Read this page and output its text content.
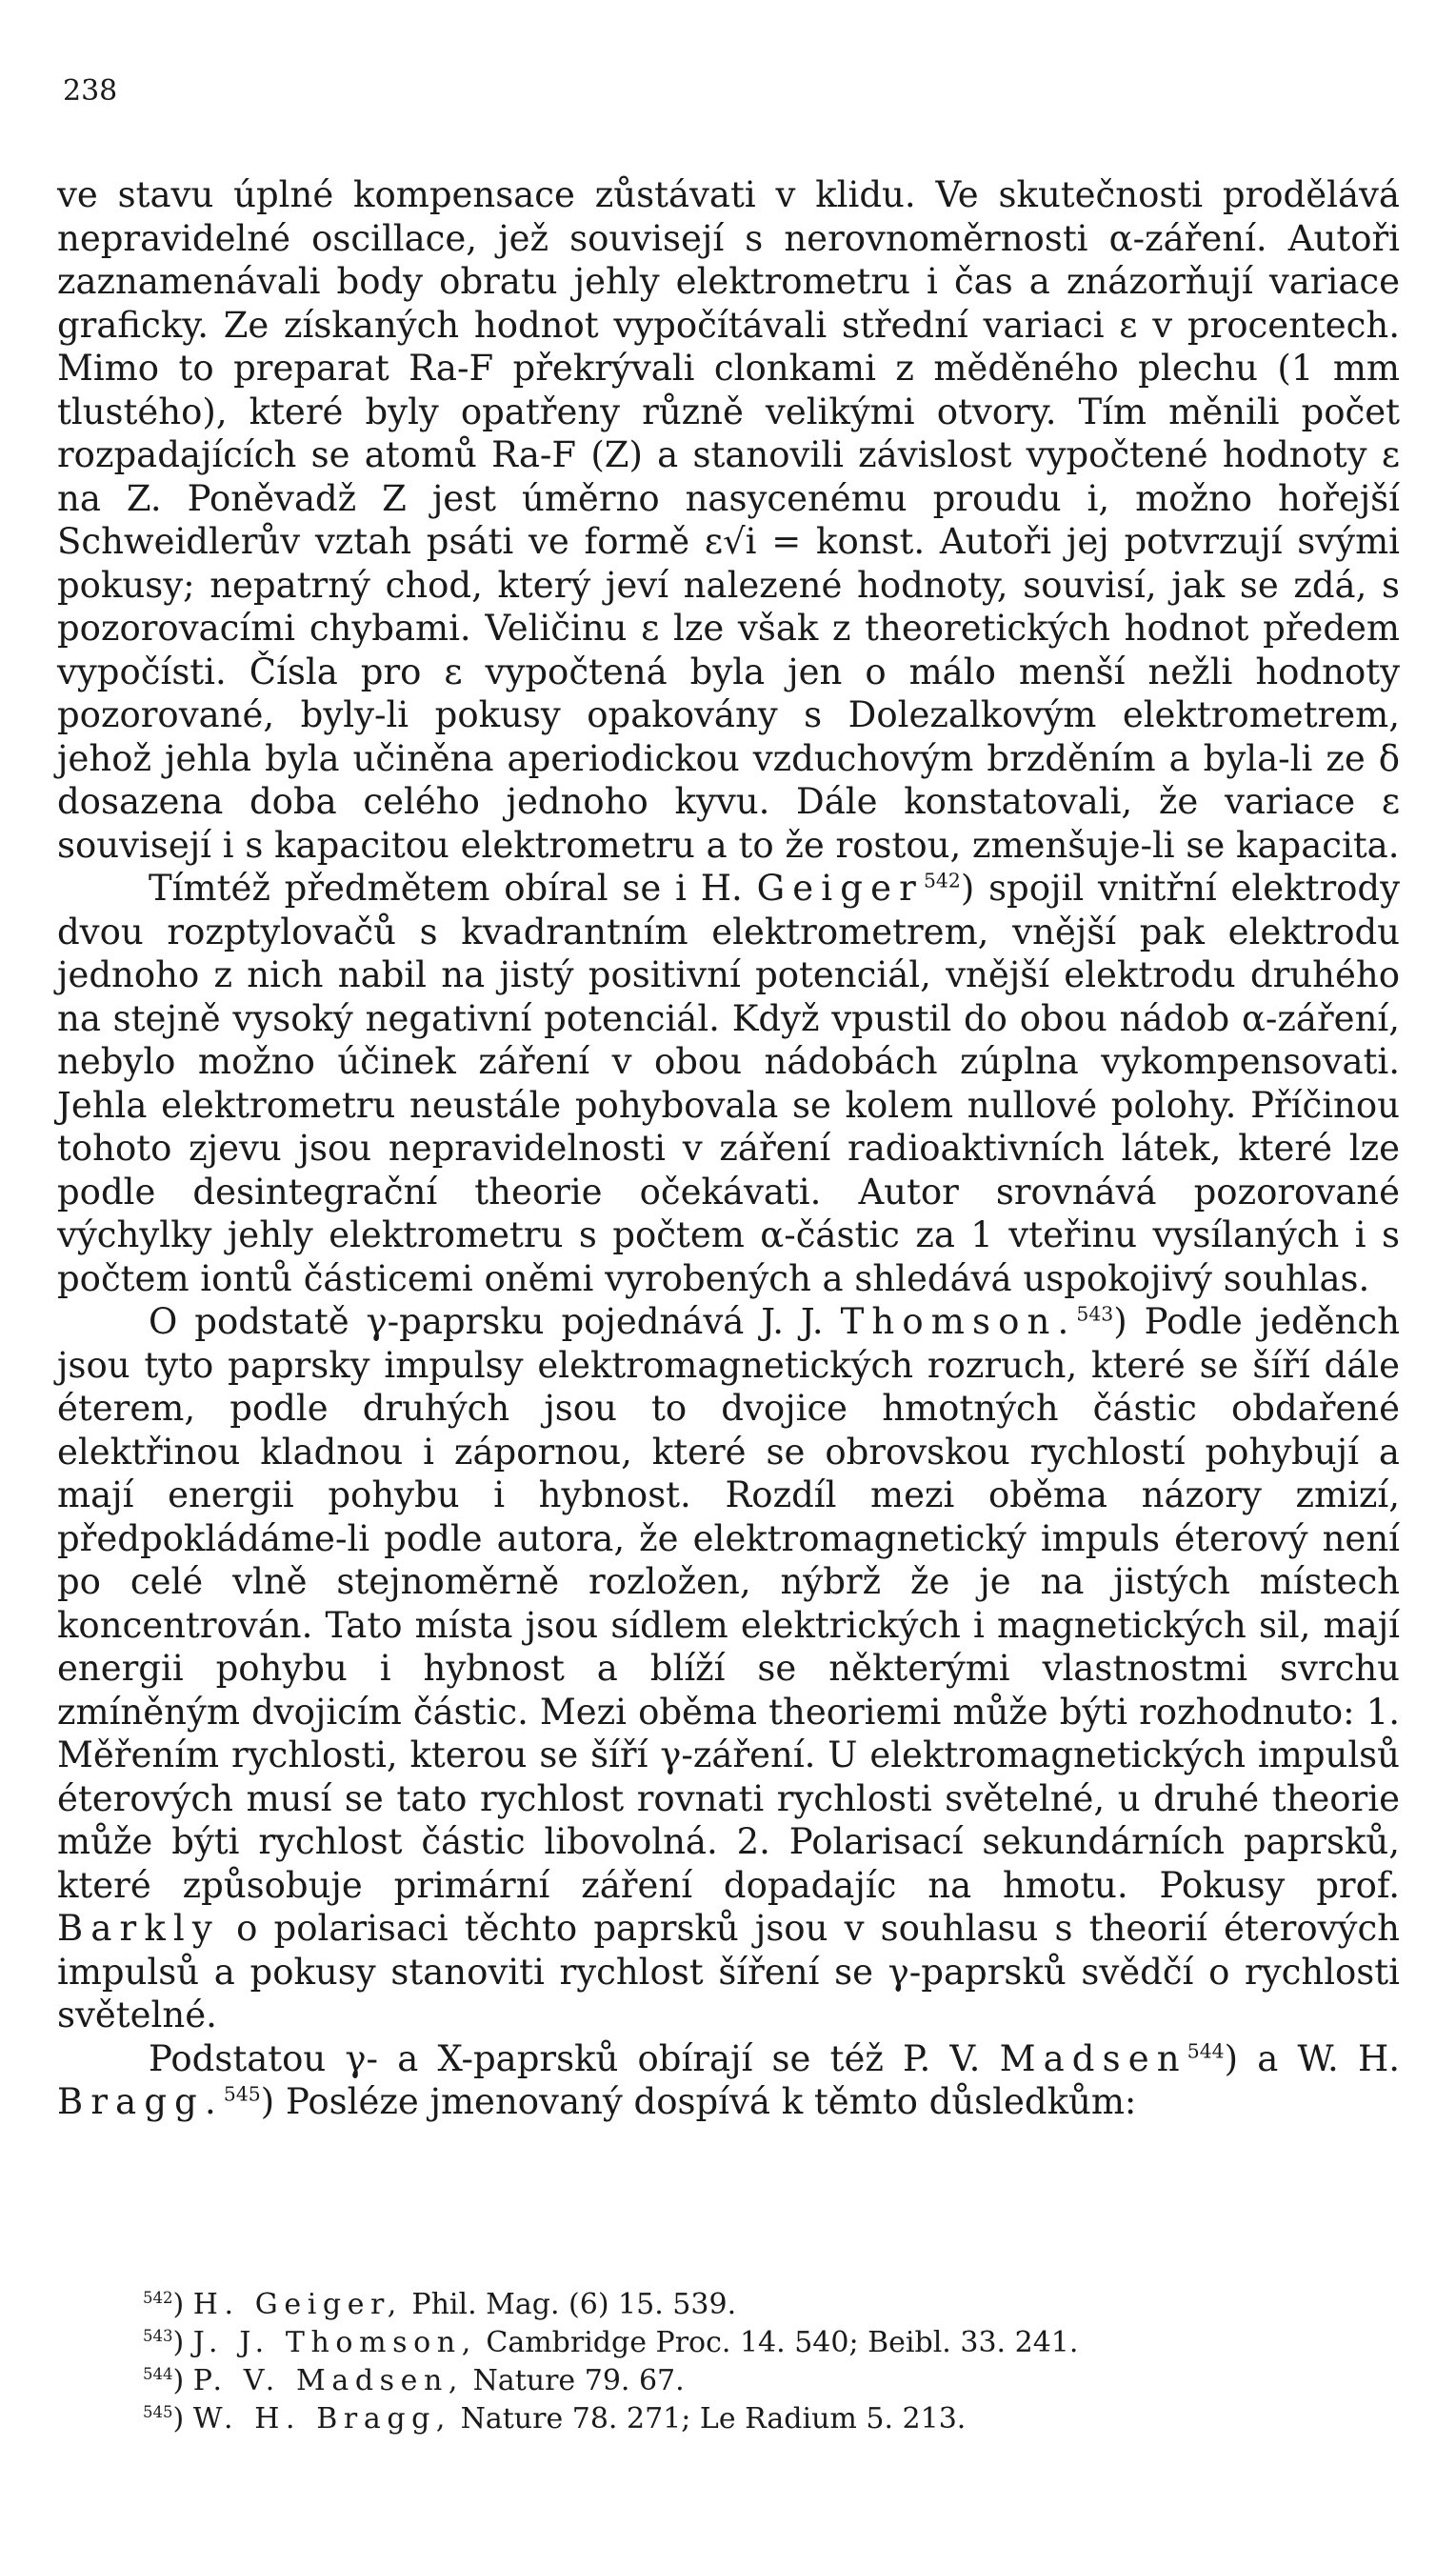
238

ve stavu úplné kompensace zůstávati v klidu. Ve skutečnosti prodělává nepravidelné oscillace, jež souvisejí s nerovnoměrnosti α-záření. Autoři zaznamenávali body obratu jehly elektrometru i čas a znázorňují variace graficky. Ze získaných hodnot vypočítávali střední variaci ε v procentech. Mimo to preparat Ra-F překrývali clonkami z měděného plechu (1 mm tlustého), které byly opatřeny různě velikými otvory. Tím měnili počet rozpadajících se atomů Ra-F (Z) a stanovili závislost vypočtené hodnoty ε na Z. Poněvadž Z jest úměrno nasycenému proudu i, možno hořejší Schweidlerův vztah psáti ve formě ε√i = konst. Autoři jej potvrzují svými pokusy; nepatrný chod, který jeví nalezené hodnoty, souvisí, jak se zdá, s pozorovacími chybami. Veličinu ε lze však z theoretických hodnot předem vypočísti. Čísla pro ε vypočtená byla jen o málo menší nežli hodnoty pozorované, byly-li pokusy opakovány s Dolezalkovým elektrometrem, jehož jehla byla učiněna aperiodickou vzduchovým brzděním a byla-li ze δ dosazena doba celého jednoho kyvu. Dále konstatovali, že variace ε souvisejí i s kapacitou elektrometru a to že rostou, zmenšuje-li se kapacita.

Tímtéž předmětem obíral se i H. Geiger$^{542}$) spojil vnitřní elektrody dvou rozptylovačů s kvadrantním elektrometrem, vnější pak elektrodu jednoho z nich nabil na jistý positivní potenciál, vnější elektrodu druhého na stejně vysoký negativní potenciál. Když vpustil do obou nádob α-záření, nebylo možno účinek záření v obou nádobách zúplna vykompensovati. Jehla elektrometru neustále pohybovala se kolem nullové polohy. Příčinou tohoto zjevu jsou nepravidelnosti v záření radioaktivních látek, které lze podle desintegrační theorie očekávati. Autor srovnává pozorované výchylky jehly elektrometru s počtem α-částic za 1 vteřinu vysílaných i s počtem iontů částicemi oněmi vyrobených a shledává uspokojivý souhlas.

O podstatě γ-paprsku pojednává J. J. Thomson.$^{543}$) Podle jeděnch jsou tyto paprsky impulsy elektromagnetických rozruch, které se šíří dále éterem, podle druhých jsou to dvojice hmotných částic obdařené elektřinou kladnou i zápornou, které se obrovskou rychlostí pohybují a mají energii pohybu i hybnost. Rozdíl mezi oběma názory zmizí, předpokládáme-li podle autora, že elektromagnetický impuls éterový není po celé vlně stejnoměrně rozložen, nýbrž že je na jistých místech koncentrován. Tato místa jsou sídlem elektrických i magnetických sil, mají energii pohybu i hybnost a blíží se některými vlastnostmi svrchu zmíněným dvojicím částic. Mezi oběma theoriemi může býti rozhodnuto: 1. Měřením rychlosti, kterou se šíří γ-záření. U elektromagnetických impulsů éterových musí se tato rychlost rovnati rychlosti světelné, u druhé theorie může býti rychlost částic libovolná. 2. Polarisací sekundárních paprsků, které způsobuje primární záření dopadajíc na hmotu. Pokusy prof. Barkly o polarisaci těchto paprsků jsou v souhlasu s theorií éterových impulsů a pokusy stanoviti rychlost šíření se γ-paprsků svědčí o rychlosti světelné.

Podstatou γ- a X-paprsků obírají se též P. V. Madsen$^{544}$) a W. H. Bragg.$^{545}$) Posléze jmenovaný dospívá k těmto důsledkům:

$^{542}$) H. Geiger, Phil. Mag. (6) 15. 539.
$^{543}$) J. J. Thomson, Cambridge Proc. 14. 540; Beibl. 33. 241.
$^{544}$) P. V. Madsen, Nature 79. 67.
$^{545}$) W. H. Bragg, Nature 78. 271; Le Radium 5. 213.
